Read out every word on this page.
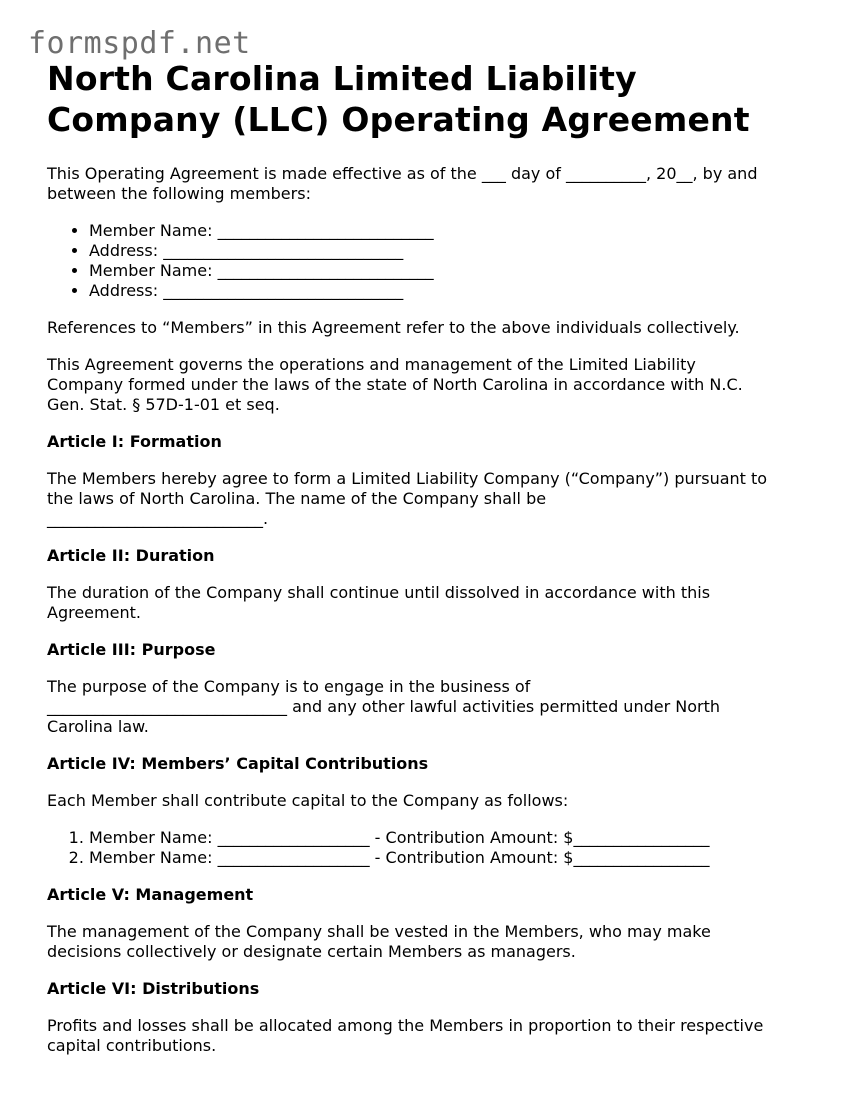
formspdf.net
North Carolina Limited Liability
Company (LLC) Operating Agreement

This Operating Agreement is made effective as of the ___ day of __________, 20__, by and
between the following members:

• Member Name: ___________________________
• Address: ______________________________
• Member Name: ___________________________
• Address: ______________________________

References to “Members” in this Agreement refer to the above individuals collectively.

This Agreement governs the operations and management of the Limited Liability
Company formed under the laws of the state of North Carolina in accordance with N.C.
Gen. Stat. § 57D-1-01 et seq.

Article I: Formation

The Members hereby agree to form a Limited Liability Company (“Company”) pursuant to
the laws of North Carolina. The name of the Company shall be
___________________________.

Article II: Duration

The duration of the Company shall continue until dissolved in accordance with this
Agreement.

Article III: Purpose

The purpose of the Company is to engage in the business of
______________________________ and any other lawful activities permitted under North
Carolina law.

Article IV: Members’ Capital Contributions

Each Member shall contribute capital to the Company as follows:

1. Member Name: ___________________ - Contribution Amount: $_________________
2. Member Name: ___________________ - Contribution Amount: $_________________

Article V: Management

The management of the Company shall be vested in the Members, who may make
decisions collectively or designate certain Members as managers.

Article VI: Distributions

Profits and losses shall be allocated among the Members in proportion to their respective
capital contributions.
